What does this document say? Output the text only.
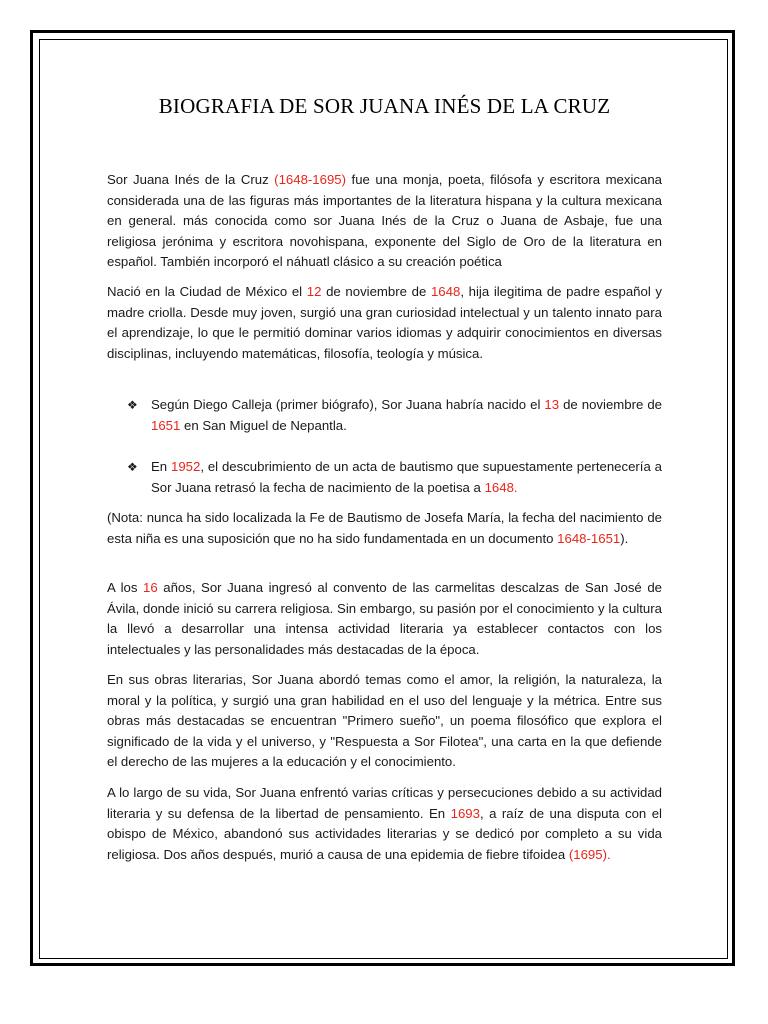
BIOGRAFIA DE SOR JUANA INÉS DE LA CRUZ

Sor Juana Inés de la Cruz (1648-1695) fue una monja, poeta, filósofa y escritora mexicana considerada una de las figuras más importantes de la literatura hispana y la cultura mexicana en general. más conocida como sor Juana Inés de la Cruz o Juana de Asbaje, fue una religiosa jerónima y escritora novohispana, exponente del Siglo de Oro de la literatura en español. También incorporó el náhuatl clásico a su creación poética

Nació en la Ciudad de México el 12 de noviembre de 1648, hija ilegitima de padre español y madre criolla. Desde muy joven, surgió una gran curiosidad intelectual y un talento innato para el aprendizaje, lo que le permitió dominar varios idiomas y adquirir conocimientos en diversas disciplinas, incluyendo matemáticas, filosofía, teología y música.

❖	Según Diego Calleja (primer biógrafo), Sor Juana habría nacido el 13 de noviembre de 1651 en San Miguel de Nepantla.
❖	En 1952, el descubrimiento de un acta de bautismo que supuestamente pertenecería a Sor Juana retrasó la fecha de nacimiento de la poetisa a 1648.

(Nota: nunca ha sido localizada la Fe de Bautismo de Josefa María, la fecha del nacimiento de esta niña es una suposición que no ha sido fundamentada en un documento 1648-1651).

A los 16 años, Sor Juana ingresó al convento de las carmelitas descalzas de San José de Ávila, donde inició su carrera religiosa. Sin embargo, su pasión por el conocimiento y la cultura la llevó a desarrollar una intensa actividad literaria ya establecer contactos con los intelectuales y las personalidades más destacadas de la época.

En sus obras literarias, Sor Juana abordó temas como el amor, la religión, la naturaleza, la moral y la política, y surgió una gran habilidad en el uso del lenguaje y la métrica. Entre sus obras más destacadas se encuentran "Primero sueño", un poema filosófico que explora el significado de la vida y el universo, y "Respuesta a Sor Filotea", una carta en la que defiende el derecho de las mujeres a la educación y el conocimiento.

A lo largo de su vida, Sor Juana enfrentó varias críticas y persecuciones debido a su actividad literaria y su defensa de la libertad de pensamiento. En 1693, a raíz de una disputa con el obispo de México, abandonó sus actividades literarias y se dedicó por completo a su vida religiosa. Dos años después, murió a causa de una epidemia de fiebre tifoidea (1695).
